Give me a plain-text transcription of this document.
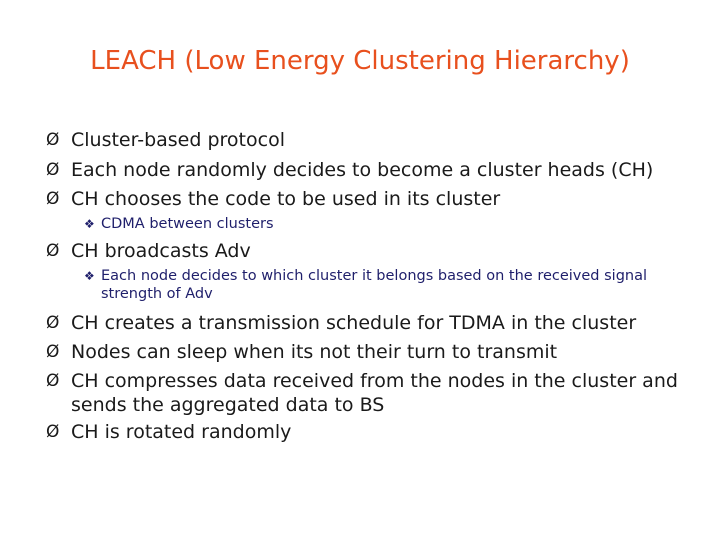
LEACH (Low Energy Clustering Hierarchy)
Ø Cluster-based protocol
Ø Each node randomly decides to become a cluster heads (CH)
Ø CH chooses the code to be used in its cluster
❖ CDMA between clusters
Ø CH broadcasts Adv
❖ Each node decides to which cluster it belongs based on the received signal strength of Adv
Ø CH creates a transmission schedule for TDMA in the cluster
Ø Nodes can sleep when its not their turn to transmit
Ø CH compresses data received from the nodes in the cluster and sends the aggregated data to BS
Ø CH is rotated randomly
